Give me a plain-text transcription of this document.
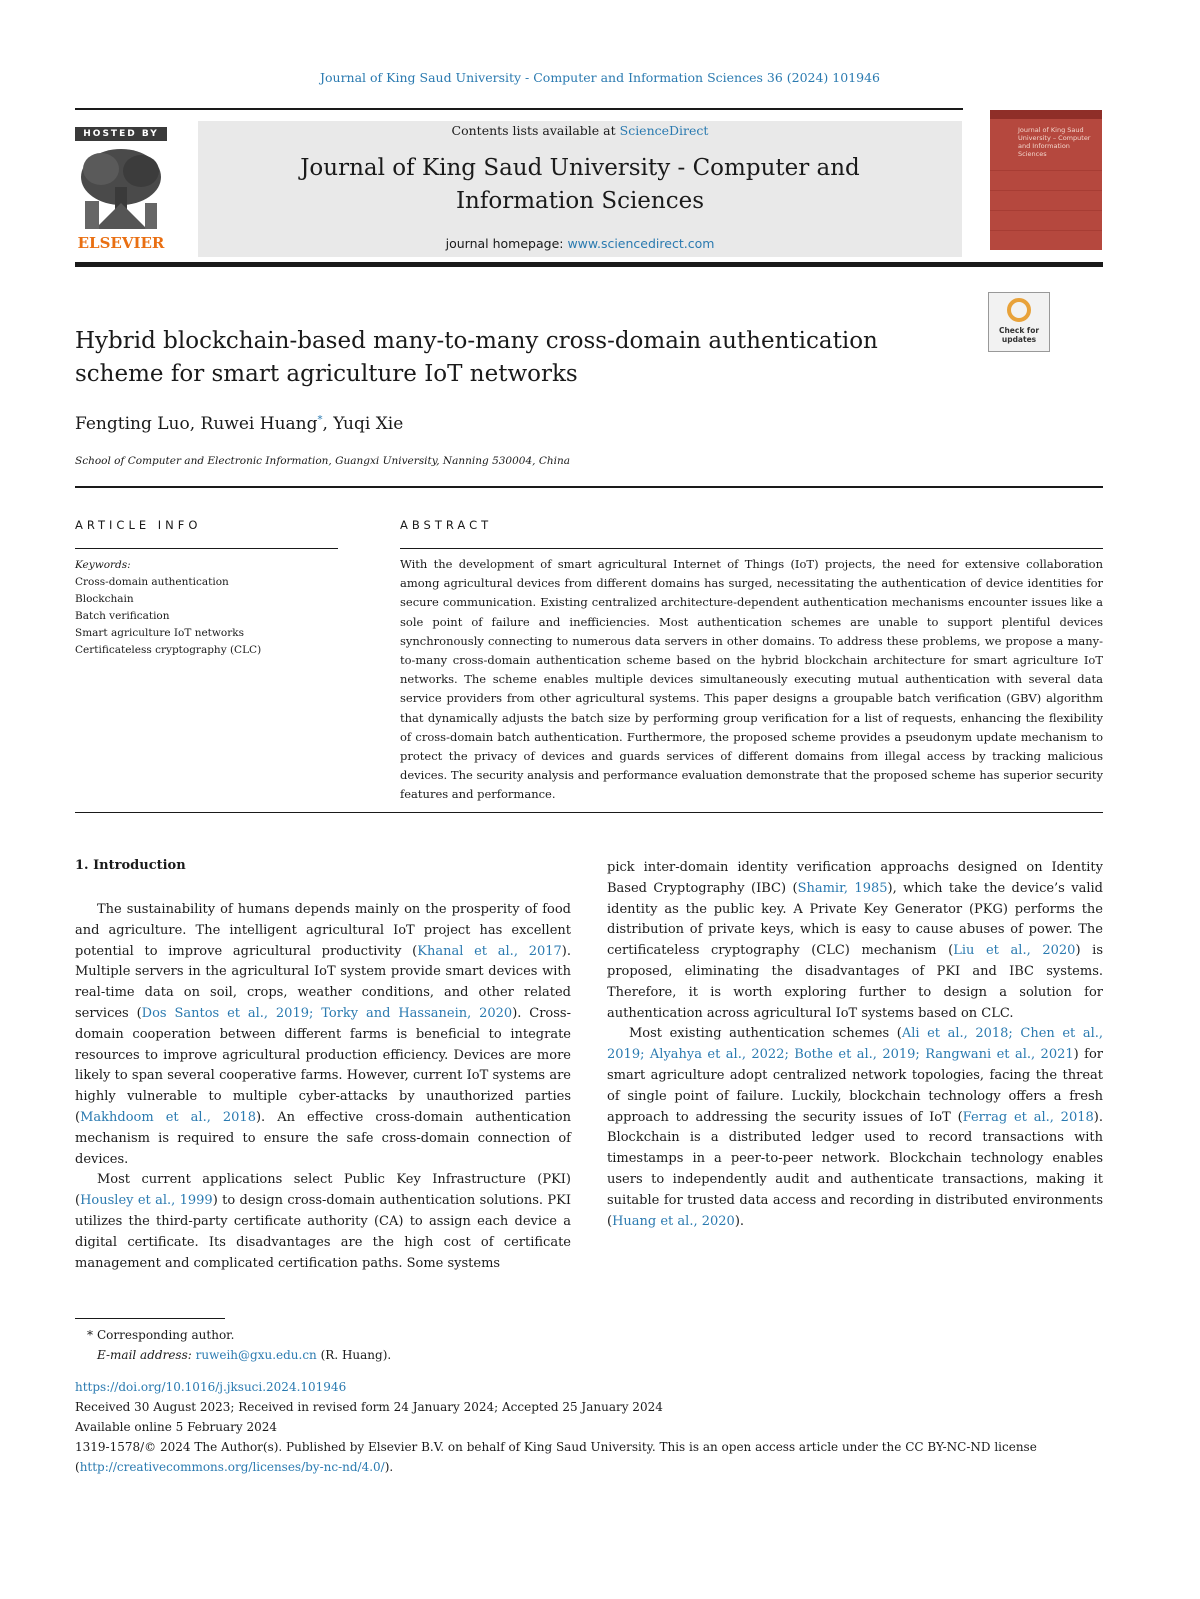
Journal of King Saud University - Computer and Information Sciences 36 (2024) 101946
HOSTED BY
ELSEVIER
Contents lists available at ScienceDirect
Journal of King Saud University - Computer and
Information Sciences
journal homepage: www.sciencedirect.com
Journal of King Saud University – Computer and Information Sciences
Hybrid blockchain-based many-to-many cross-domain authentication
scheme for smart agriculture IoT networks
Check for updates
Fengting Luo, Ruwei Huang*, Yuqi Xie
School of Computer and Electronic Information, Guangxi University, Nanning 530004, China
ARTICLE INFO	ABSTRACT
Keywords:
Cross-domain authentication
Blockchain
Batch verification
Smart agriculture IoT networks
Certificateless cryptography (CLC)
With the development of smart agricultural Internet of Things (IoT) projects, the need for extensive collaboration among agricultural devices from different domains has surged, necessitating the authentication of device identities for secure communication. Existing centralized architecture-dependent authentication mechanisms encounter issues like a sole point of failure and inefficiencies. Most authentication schemes are unable to support plentiful devices synchronously connecting to numerous data servers in other domains. To address these problems, we propose a many-to-many cross-domain authentication scheme based on the hybrid blockchain architecture for smart agriculture IoT networks. The scheme enables multiple devices simultaneously executing mutual authentication with several data service providers from other agricultural systems. This paper designs a groupable batch verification (GBV) algorithm that dynamically adjusts the batch size by performing group verification for a list of requests, enhancing the flexibility of cross-domain batch authentication. Furthermore, the proposed scheme provides a pseudonym update mechanism to protect the privacy of devices and guards services of different domains from illegal access by tracking malicious devices. The security analysis and performance evaluation demonstrate that the proposed scheme has superior security features and performance.
1. Introduction

The sustainability of humans depends mainly on the prosperity of food and agriculture. The intelligent agricultural IoT project has excellent potential to improve agricultural productivity (Khanal et al., 2017). Multiple servers in the agricultural IoT system provide smart devices with real-time data on soil, crops, weather conditions, and other related services (Dos Santos et al., 2019; Torky and Hassanein, 2020). Cross-domain cooperation between different farms is beneficial to integrate resources to improve agricultural production efficiency. Devices are more likely to span several cooperative farms. However, current IoT systems are highly vulnerable to multiple cyber-attacks by unauthorized parties (Makhdoom et al., 2018). An effective cross-domain authentication mechanism is required to ensure the safe cross-domain connection of devices.

Most current applications select Public Key Infrastructure (PKI) (Housley et al., 1999) to design cross-domain authentication solutions. PKI utilizes the third-party certificate authority (CA) to assign each device a digital certificate. Its disadvantages are the high cost of certificate management and complicated certification paths. Some systems

pick inter-domain identity verification approachs designed on Identity Based Cryptography (IBC) (Shamir, 1985), which take the device’s valid identity as the public key. A Private Key Generator (PKG) performs the distribution of private keys, which is easy to cause abuses of power. The certificateless cryptography (CLC) mechanism (Liu et al., 2020) is proposed, eliminating the disadvantages of PKI and IBC systems. Therefore, it is worth exploring further to design a solution for authentication across agricultural IoT systems based on CLC.

Most existing authentication schemes (Ali et al., 2018; Chen et al., 2019; Alyahya et al., 2022; Bothe et al., 2019; Rangwani et al., 2021) for smart agriculture adopt centralized network topologies, facing the threat of single point of failure. Luckily, blockchain technology offers a fresh approach to addressing the security issues of IoT (Ferrag et al., 2018). Blockchain is a distributed ledger used to record transactions with timestamps in a peer-to-peer network. Blockchain technology enables users to independently audit and authenticate transactions, making it suitable for trusted data access and recording in distributed environments (Huang et al., 2020).

* Corresponding author.
E-mail address: ruweih@gxu.edu.cn (R. Huang).
https://doi.org/10.1016/j.jksuci.2024.101946
Received 30 August 2023; Received in revised form 24 January 2024; Accepted 25 January 2024
Available online 5 February 2024
1319-1578/© 2024 The Author(s). Published by Elsevier B.V. on behalf of King Saud University. This is an open access article under the CC BY-NC-ND license
(http://creativecommons.org/licenses/by-nc-nd/4.0/).
